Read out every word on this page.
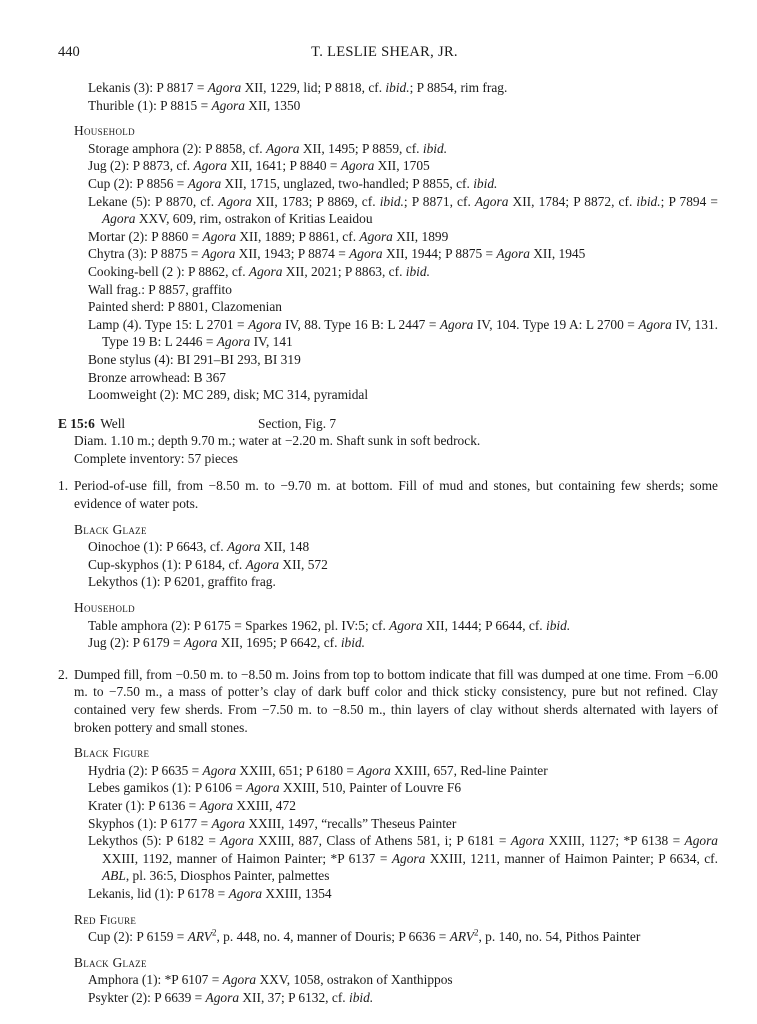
440	T. LESLIE SHEAR, JR.
Lekanis (3): P 8817 = Agora XII, 1229, lid; P 8818, cf. ibid.; P 8854, rim frag.
Thurible (1): P 8815 = Agora XII, 1350
Household
Storage amphora (2): P 8858, cf. Agora XII, 1495; P 8859, cf. ibid.
Jug (2): P 8873, cf. Agora XII, 1641; P 8840 = Agora XII, 1705
Cup (2): P 8856 = Agora XII, 1715, unglazed, two-handled; P 8855, cf. ibid.
Lekane (5): P 8870, cf. Agora XII, 1783; P 8869, cf. ibid.; P 8871, cf. Agora XII, 1784; P 8872, cf. ibid.; P 7894 = Agora XXV, 609, rim, ostrakon of Kritias Leaidou
Mortar (2): P 8860 = Agora XII, 1889; P 8861, cf. Agora XII, 1899
Chytra (3): P 8875 = Agora XII, 1943; P 8874 = Agora XII, 1944; P 8875 = Agora XII, 1945
Cooking-bell (2 ): P 8862, cf. Agora XII, 2021; P 8863, cf. ibid.
Wall frag.: P 8857, graffito
Painted sherd: P 8801, Clazomenian
Lamp (4). Type 15: L 2701 = Agora IV, 88. Type 16 B: L 2447 = Agora IV, 104. Type 19 A: L 2700 = Agora IV, 131. Type 19 B: L 2446 = Agora IV, 141
Bone stylus (4): BI 291–BI 293, BI 319
Bronze arrowhead: B 367
Loomweight (2): MC 289, disk; MC 314, pyramidal
E 15:6 Well	Section, Fig. 7
Diam. 1.10 m.; depth 9.70 m.; water at −2.20 m. Shaft sunk in soft bedrock.
Complete inventory: 57 pieces
1. Period-of-use fill, from −8.50 m. to −9.70 m. at bottom. Fill of mud and stones, but containing few sherds; some evidence of water pots.
Black Glaze
Oinochoe (1): P 6643, cf. Agora XII, 148
Cup-skyphos (1): P 6184, cf. Agora XII, 572
Lekythos (1): P 6201, graffito frag.
Household
Table amphora (2): P 6175 = Sparkes 1962, pl. IV:5; cf. Agora XII, 1444; P 6644, cf. ibid.
Jug (2): P 6179 = Agora XII, 1695; P 6642, cf. ibid.
2. Dumped fill, from −0.50 m. to −8.50 m. Joins from top to bottom indicate that fill was dumped at one time. From −6.00 m. to −7.50 m., a mass of potter’s clay of dark buff color and thick sticky consistency, pure but not refined. Clay contained very few sherds. From −7.50 m. to −8.50 m., thin layers of clay without sherds alternated with layers of broken pottery and small stones.
Black Figure
Hydria (2): P 6635 = Agora XXIII, 651; P 6180 = Agora XXIII, 657, Red-line Painter
Lebes gamikos (1): P 6106 = Agora XXIII, 510, Painter of Louvre F6
Krater (1): P 6136 = Agora XXIII, 472
Skyphos (1): P 6177 = Agora XXIII, 1497, “recalls” Theseus Painter
Lekythos (5): P 6182 = Agora XXIII, 887, Class of Athens 581, i; P 6181 = Agora XXIII, 1127; *P 6138 = Agora XXIII, 1192, manner of Haimon Painter; *P 6137 = Agora XXIII, 1211, manner of Haimon Painter; P 6634, cf. ABL, pl. 36:5, Diosphos Painter, palmettes
Lekanis, lid (1): P 6178 = Agora XXIII, 1354
Red Figure
Cup (2): P $6159 = ARV^2$, p. 448, no. 4, manner of Douris; P $6636 = ARV^2$, p. 140, no. 54, Pithos Painter
Black Glaze
Amphora (1): *P 6107 = Agora XXV, 1058, ostrakon of Xanthippos
Psykter (2): P 6639 = Agora XII, 37; P 6132, cf. ibid.
